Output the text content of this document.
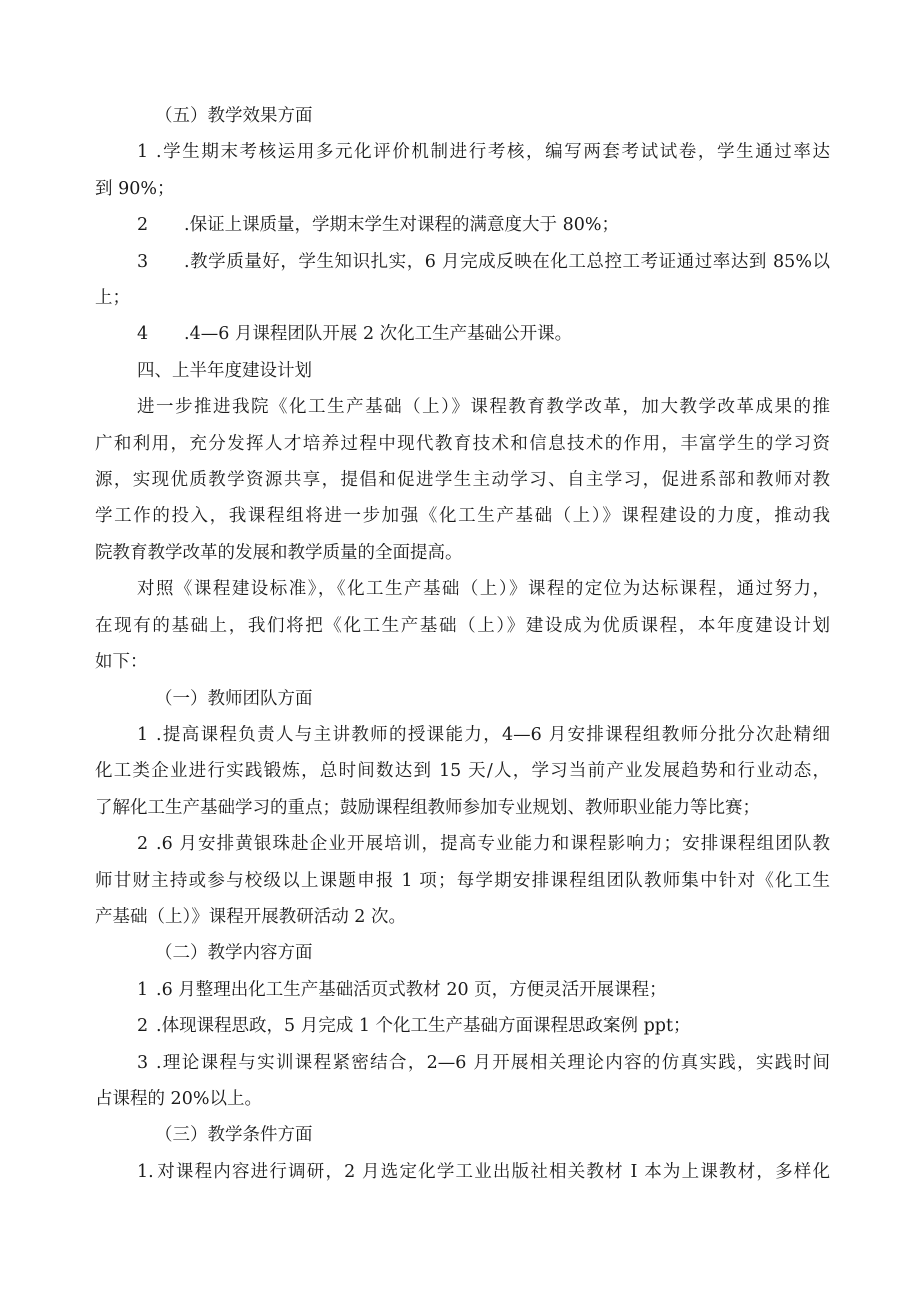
（五）教学效果方面
1 .学生期末考核运用多元化评价机制进行考核，编写两套考试试卷，学生通过率达
到 90%；
2 .保证上课质量，学期末学生对课程的满意度大于 80%；
3 .教学质量好，学生知识扎实，6 月完成反映在化工总控工考证通过率达到 85%以
上；
4 .4—6 月课程团队开展 2 次化工生产基础公开课。
四、上半年度建设计划
进一步推进我院《化工生产基础（上）》课程教育教学改革，加大教学改革成果的推
广和利用，充分发挥人才培养过程中现代教育技术和信息技术的作用，丰富学生的学习资
源，实现优质教学资源共享，提倡和促进学生主动学习、自主学习，促进系部和教师对教
学工作的投入，我课程组将进一步加强《化工生产基础（上）》课程建设的力度，推动我
院教育教学改革的发展和教学质量的全面提高。
对照《课程建设标准》，《化工生产基础（上）》课程的定位为达标课程，通过努力，
在现有的基础上，我们将把《化工生产基础（上）》建设成为优质课程，本年度建设计划
如下：
（一）教师团队方面
1 .提高课程负责人与主讲教师的授课能力，4—6 月安排课程组教师分批分次赴精细
化工类企业进行实践锻炼，总时间数达到 15 天/人，学习当前产业发展趋势和行业动态，
了解化工生产基础学习的重点；鼓励课程组教师参加专业规划、教师职业能力等比赛；
2 .6 月安排黄银珠赴企业开展培训，提高专业能力和课程影响力；安排课程组团队教
师甘财主持或参与校级以上课题申报 1 项；每学期安排课程组团队教师集中针对《化工生
产基础（上）》课程开展教研活动 2 次。
（二）教学内容方面
1 .6 月整理出化工生产基础活页式教材 20 页，方便灵活开展课程；
2 .体现课程思政，5 月完成 1 个化工生产基础方面课程思政案例 ppt；
3 .理论课程与实训课程紧密结合，2—6 月开展相关理论内容的仿真实践，实践时间
占课程的 20%以上。
（三）教学条件方面
1. 对课程内容进行调研，2 月选定化学工业出版社相关教材 I 本为上课教材，多样化
